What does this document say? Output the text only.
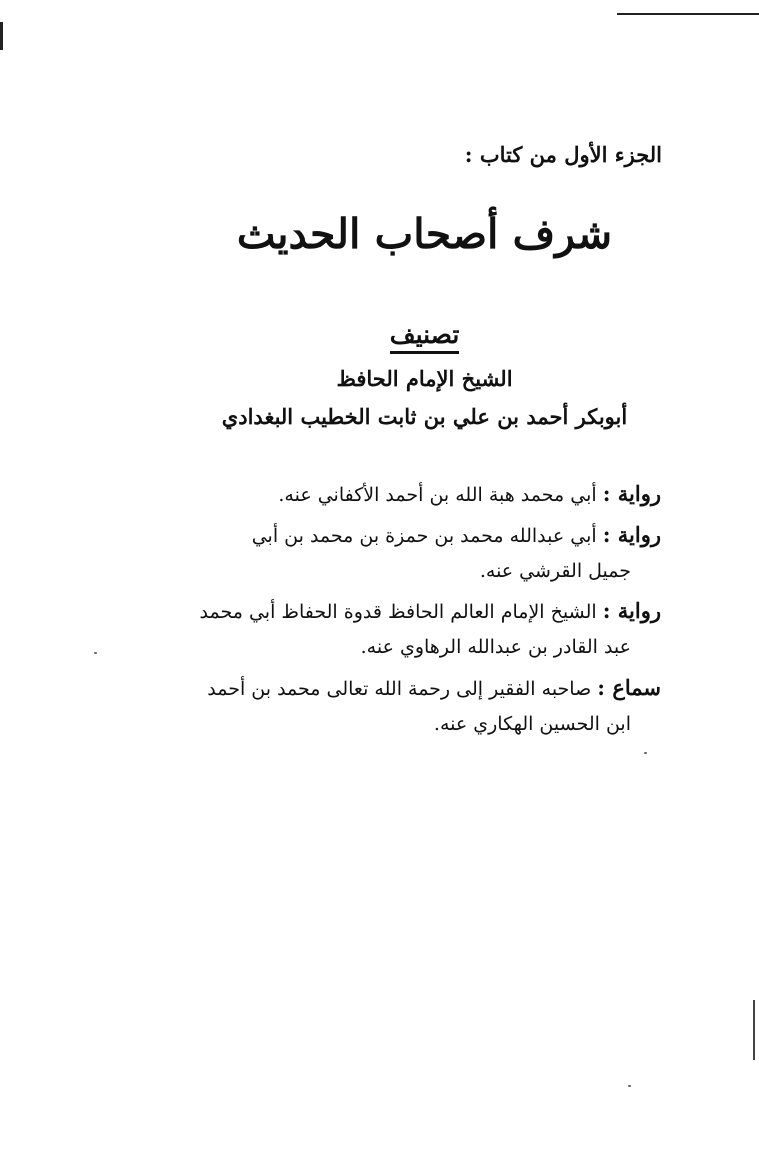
الجزء الأول من كتاب :
شرف أصحاب الحديث
تصنيف
الشيخ الإمام الحافظ
أبوبكر أحمد بن علي بن ثابت الخطيب البغدادي
رواية : أبي محمد هبة الله بن أحمد الأكفاني عنه.
رواية : أبي عبدالله محمد بن حمزة بن محمد بن أبي
جميل القرشي عنه.
رواية : الشيخ الإمام العالم الحافظ قدوة الحفاظ أبي محمد
عبد القادر بن عبدالله الرهاوي عنه.
سماع : صاحبه الفقير إلى رحمة الله تعالى محمد بن أحمد
ابن الحسين الهكاري عنه.
